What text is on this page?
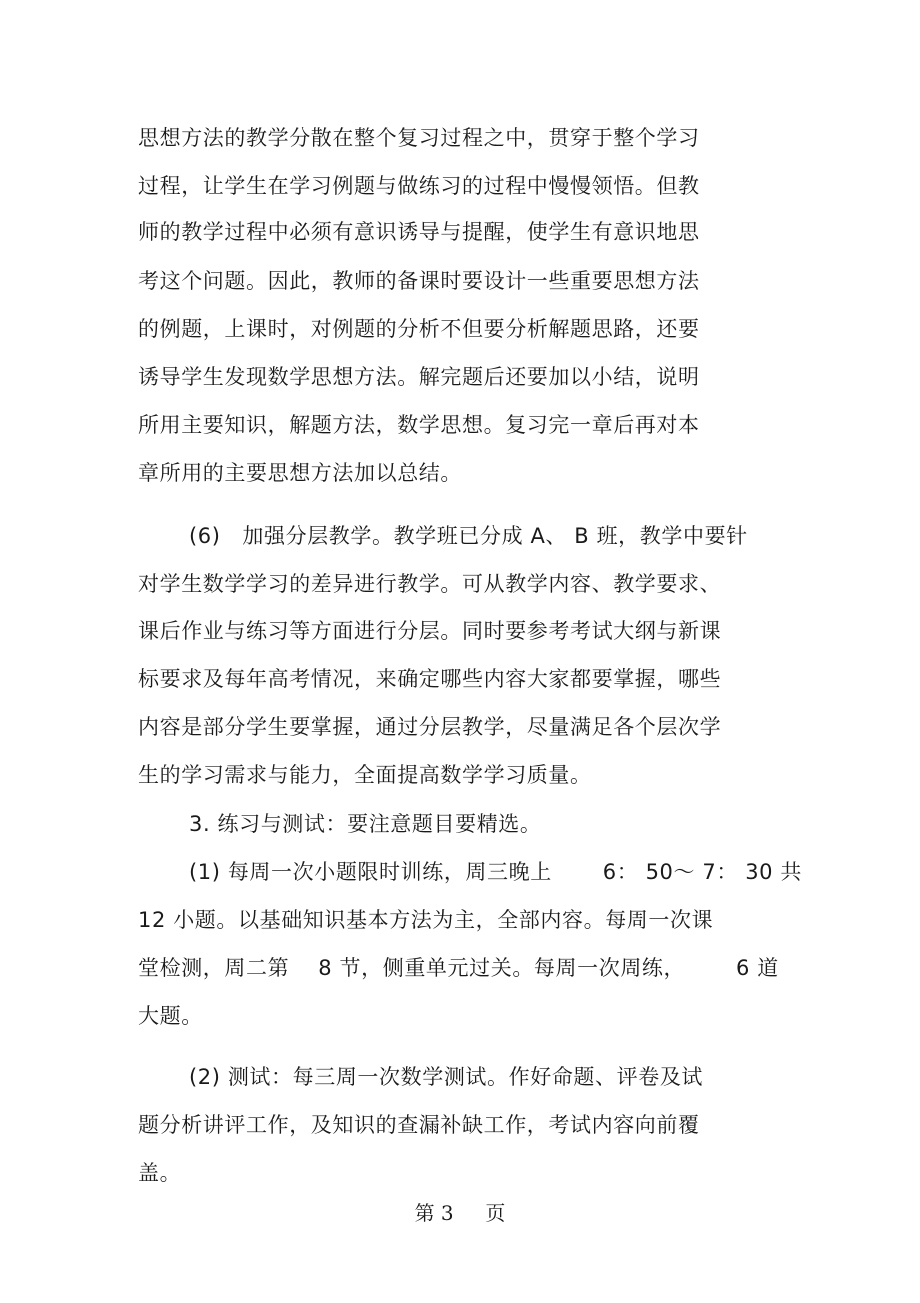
思想方法的教学分散在整个复习过程之中，贯穿于整个学习
过程，让学生在学习例题与做练习的过程中慢慢领悟。但教
师的教学过程中必须有意识诱导与提醒，使学生有意识地思
考这个问题。因此，教师的备课时要设计一些重要思想方法
的例题，上课时，对例题的分析不但要分析解题思路，还要
诱导学生发现数学思想方法。解完题后还要加以小结，说明
所用主要知识，解题方法，数学思想。复习完一章后再对本
章所用的主要思想方法加以总结。
(6)   加强分层教学。教学班已分成 A、 B 班，教学中要针
对学生数学学习的差异进行教学。可从教学内容、教学要求、
课后作业与练习等方面进行分层。同时要参考考试大纲与新课
标要求及每年高考情况，来确定哪些内容大家都要掌握，哪些
内容是部分学生要掌握，通过分层教学，尽量满足各个层次学
生的学习需求与能力，全面提高数学学习质量。
3. 练习与测试：要注意题目要精选。
(1) 每周一次小题限时训练，周三晚上       6： 50～ 7： 30 共
12 小题。以基础知识基本方法为主，全部内容。每周一次课
堂检测，周二第    8 节，侧重单元过关。每周一次周练，       6 道
大题。
(2) 测试：每三周一次数学测试。作好命题、评卷及试
题分析讲评工作，及知识的查漏补缺工作，考试内容向前覆
盖。
第 3     页
